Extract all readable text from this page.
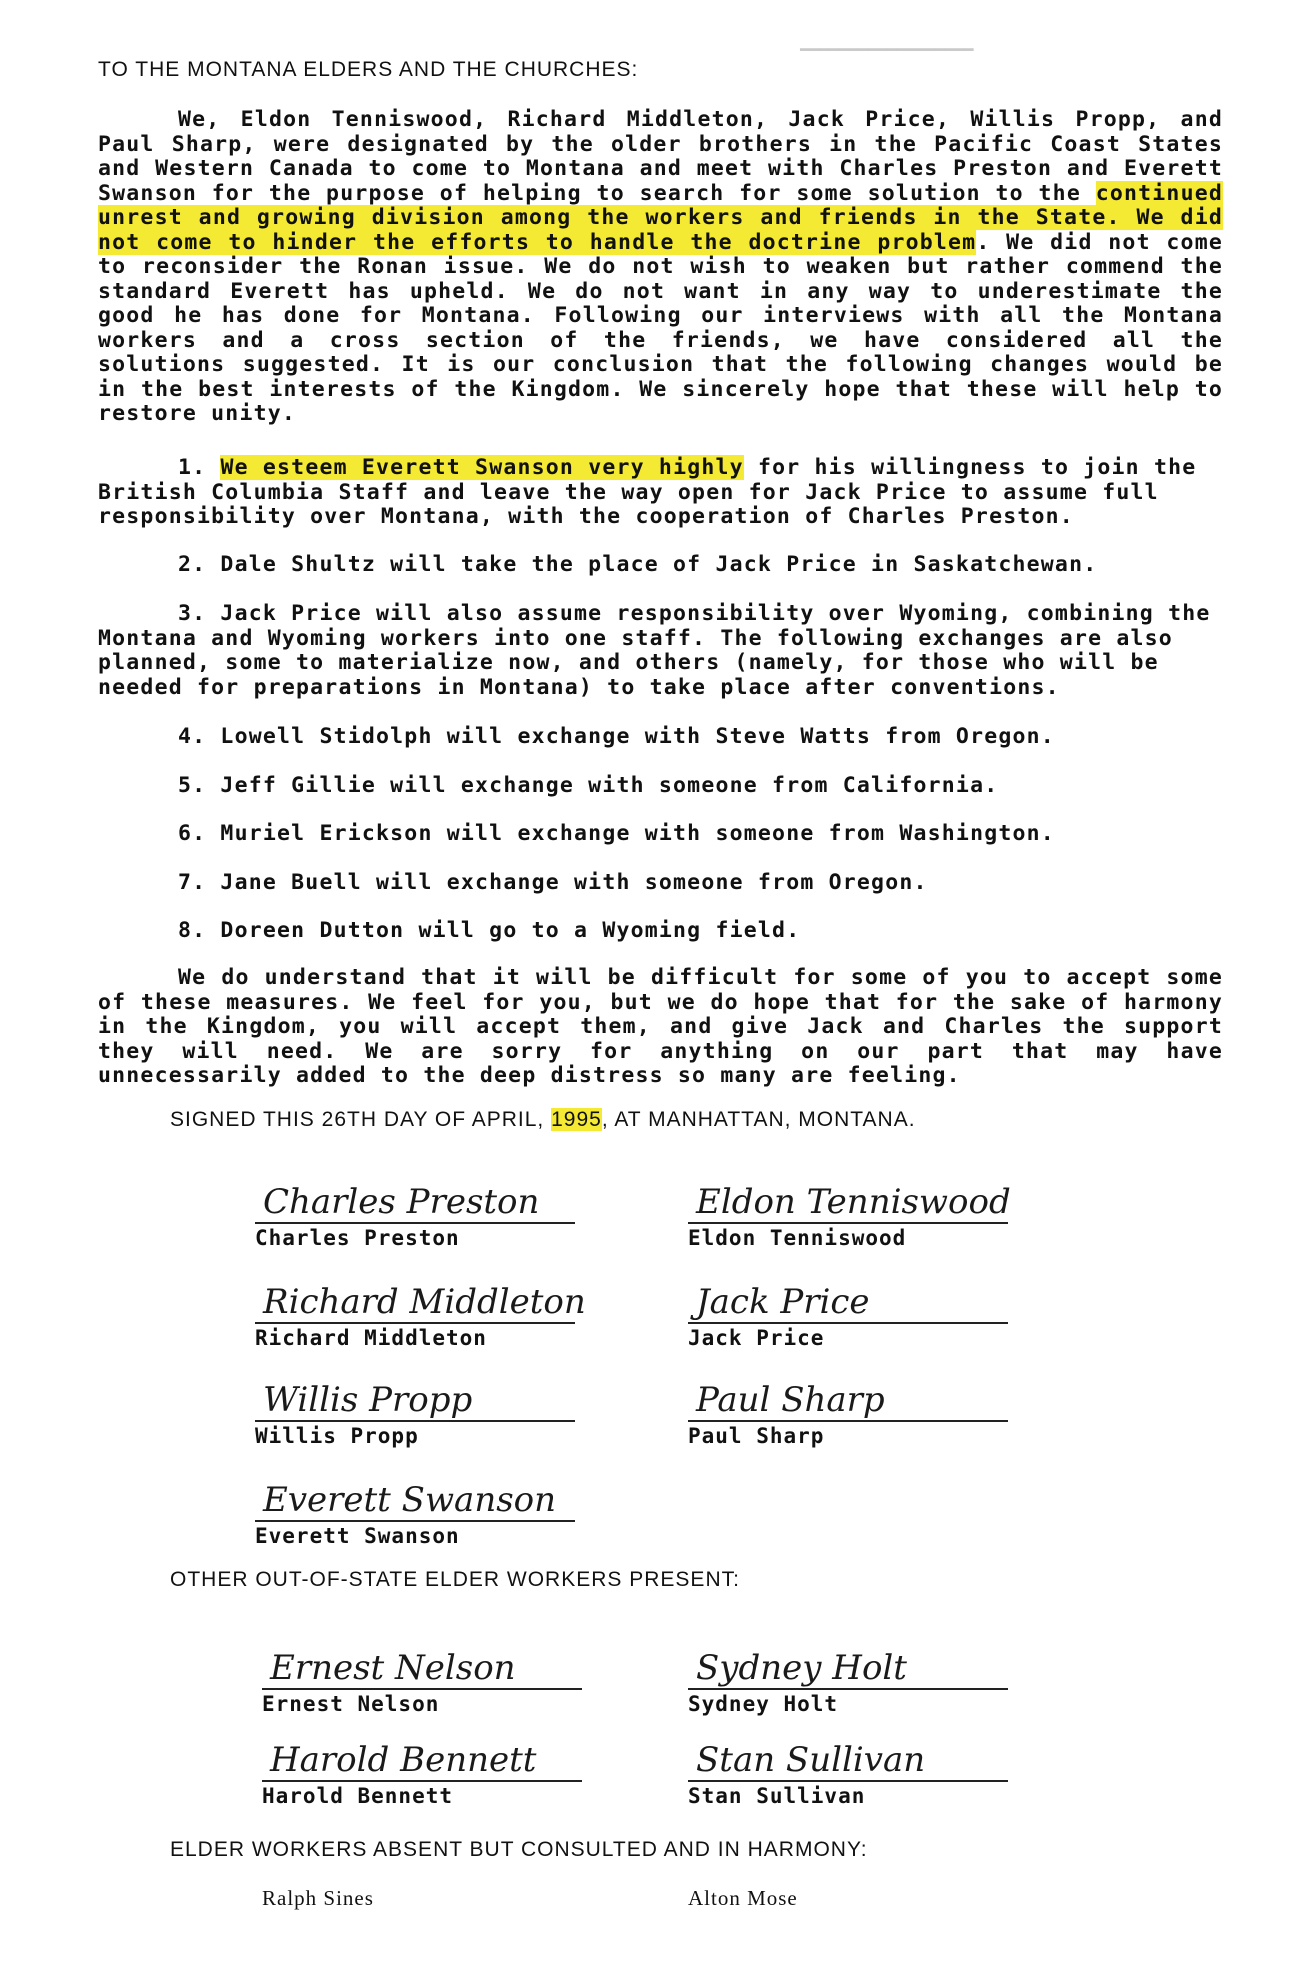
━━━━━━━━━━━━━━━━━━
TO THE MONTANA ELDERS AND THE CHURCHES:
We, Eldon Tenniswood, Richard Middleton, Jack Price, Willis Propp, and Paul Sharp, were designated by the older brothers in the Pacific Coast States and Western Canada to come to Montana and meet with Charles Preston and Everett Swanson for the purpose of helping to search for some solution to the continued unrest and growing division among the workers and friends in the State. We did not come to hinder the efforts to handle the doctrine problem. We did not come to reconsider the Ronan issue. We do not wish to weaken but rather commend the standard Everett has upheld. We do not want in any way to underestimate the good he has done for Montana. Following our interviews with all the Montana workers and a cross section of the friends, we have considered all the solutions suggested. It is our conclusion that the following changes would be in the best interests of the Kingdom. We sincerely hope that these will help to restore unity.
1. We esteem Everett Swanson very highly for his willingness to join the British Columbia Staff and leave the way open for Jack Price to assume full responsibility over Montana, with the cooperation of Charles Preston.
2. Dale Shultz will take the place of Jack Price in Saskatchewan.
3. Jack Price will also assume responsibility over Wyoming, combining the Montana and Wyoming workers into one staff. The following exchanges are also planned, some to materialize now, and others (namely, for those who will be needed for preparations in Montana) to take place after conventions.
4. Lowell Stidolph will exchange with Steve Watts from Oregon.
5. Jeff Gillie will exchange with someone from California.
6. Muriel Erickson will exchange with someone from Washington.
7. Jane Buell will exchange with someone from Oregon.
8. Doreen Dutton will go to a Wyoming field.
We do understand that it will be difficult for some of you to accept some of these measures. We feel for you, but we do hope that for the sake of harmony in the Kingdom, you will accept them, and give Jack and Charles the support they will need. We are sorry for anything on our part that may have unnecessarily added to the deep distress so many are feeling.
SIGNED THIS 26TH DAY OF APRIL, 1995, AT MANHATTAN, MONTANA.
Charles Preston
Charles Preston
Eldon Tenniswood
Eldon Tenniswood
Richard Middleton
Richard Middleton
Jack Price
Jack Price
Willis Propp
Willis Propp
Paul Sharp
Paul Sharp
Everett Swanson
Everett Swanson
OTHER OUT-OF-STATE ELDER WORKERS PRESENT:
Ernest Nelson
Ernest Nelson
Sydney Holt
Sydney Holt
Harold Bennett
Harold Bennett
Stan Sullivan
Stan Sullivan
ELDER WORKERS ABSENT BUT CONSULTED AND IN HARMONY:
Ralph Sines	Alton Mose
